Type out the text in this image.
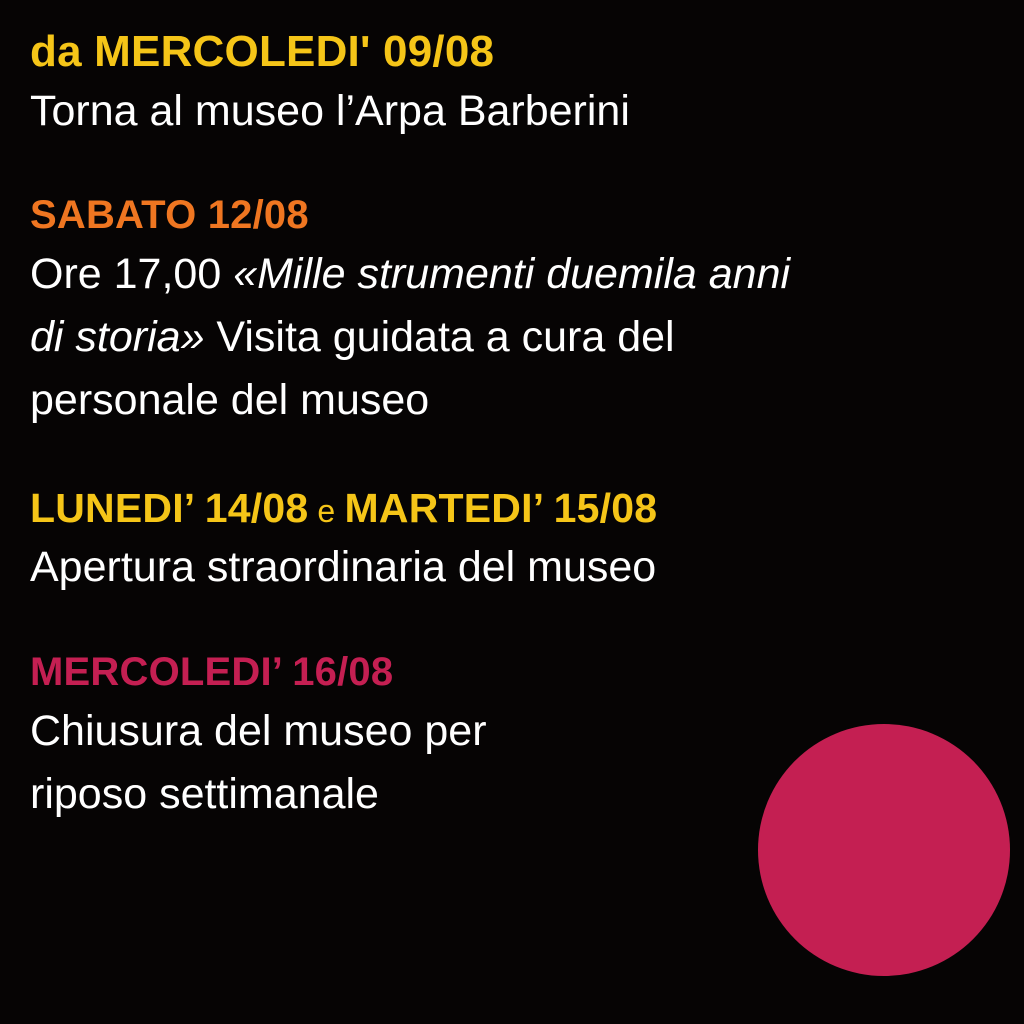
da MERCOLEDI' 09/08

Torna al museo l’Arpa Barberini

SABATO 12/08

Ore 17,00 «Mille strumenti duemila anni

di storia» Visita guidata a cura del

personale del museo

LUNEDI’ 14/08 e MARTEDI’ 15/08

Apertura straordinaria del museo

MERCOLEDI’ 16/08

Chiusura del museo per

riposo settimanale
